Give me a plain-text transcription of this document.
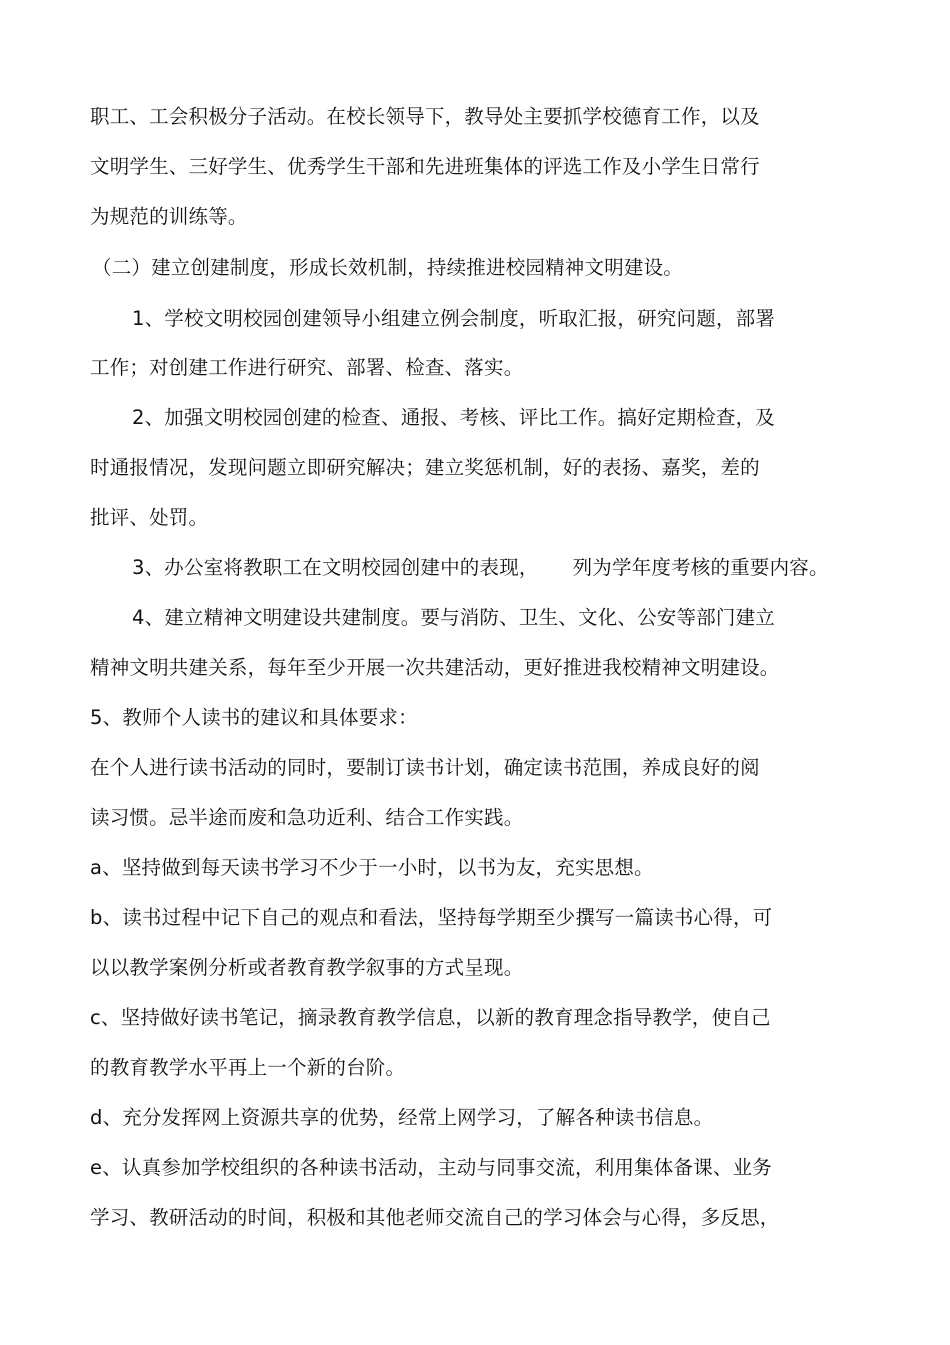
职工、工会积极分子活动。在校长领导下，教导处主要抓学校德育工作，以及
文明学生、三好学生、优秀学生干部和先进班集体的评选工作及小学生日常行
为规范的训练等。
（二）建立创建制度，形成长效机制，持续推进校园精神文明建设。
1、学校文明校园创建领导小组建立例会制度，听取汇报，研究问题，部署
工作；对创建工作进行研究、部署、检查、落实。
2、加强文明校园创建的检查、通报、考核、评比工作。搞好定期检查，及
时通报情况，发现问题立即研究解决；建立奖惩机制，好的表扬、嘉奖，差的
批评、处罚。
3、办公室将教职工在文明校园创建中的表现， 列为学年度考核的重要内容。
4、建立精神文明建设共建制度。要与消防、卫生、文化、公安等部门建立
精神文明共建关系，每年至少开展一次共建活动，更好推进我校精神文明建设。
5、教师个人读书的建议和具体要求：
在个人进行读书活动的同时，要制订读书计划，确定读书范围，养成良好的阅
读习惯。忌半途而废和急功近利、结合工作实践。
a、坚持做到每天读书学习不少于一小时，以书为友，充实思想。
b、读书过程中记下自己的观点和看法，坚持每学期至少撰写一篇读书心得，可
以以教学案例分析或者教育教学叙事的方式呈现。
c、坚持做好读书笔记，摘录教育教学信息，以新的教育理念指导教学，使自己
的教育教学水平再上一个新的台阶。
d、充分发挥网上资源共享的优势，经常上网学习，了解各种读书信息。
e、认真参加学校组织的各种读书活动，主动与同事交流，利用集体备课、业务
学习、教研活动的时间，积极和其他老师交流自己的学习体会与心得，多反思，
